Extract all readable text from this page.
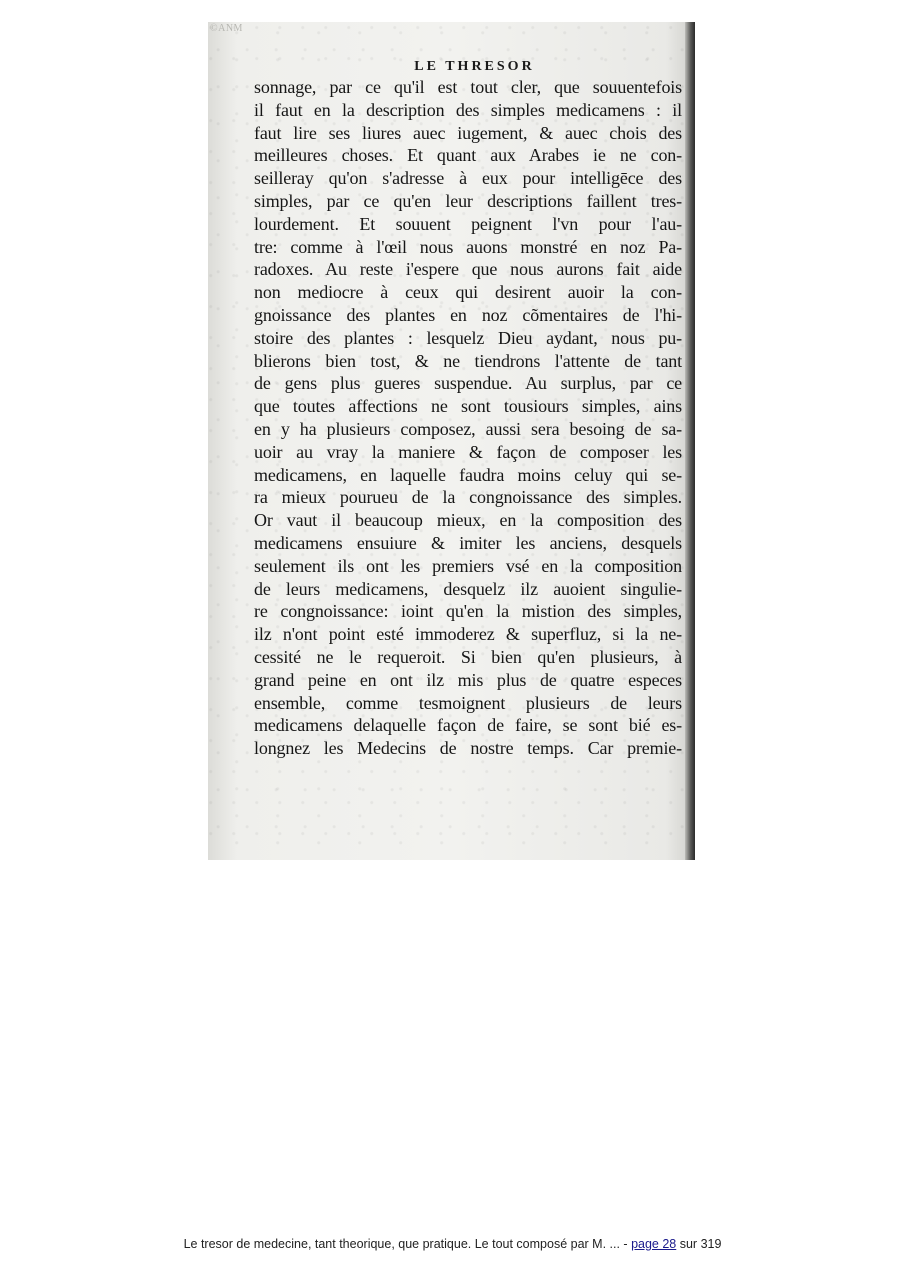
©ANM
LE THRESOR
sonnage, par ce qu'il est tout cler, que souuentefois
il faut en la description des simples medicamens : il
faut lire ses liures auec iugement, & auec chois des
meilleures choses. Et quant aux Arabes ie ne con-
seilleray qu'on s'adresse à eux pour intelligēce des
simples, par ce qu'en leur descriptions faillent tres-
lourdement. Et souuent peignent l'vn pour l'au-
tre: comme à l'œil nous auons monstré en noz Pa-
radoxes. Au reste i'espere que nous aurons fait aide
non mediocre à ceux qui desirent auoir la con-
gnoissance des plantes en noz cõmentaires de l'hi-
stoire des plantes : lesquelz Dieu aydant, nous pu-
blierons bien tost, & ne tiendrons l'attente de tant
de gens plus gueres suspendue. Au surplus, par ce
que toutes affections ne sont tousiours simples, ains
en y ha plusieurs composez, aussi sera besoing de sa-
uoir au vray la maniere & façon de composer les
medicamens, en laquelle faudra moins celuy qui se-
ra mieux pourueu de la congnoissance des simples.
Or vaut il beaucoup mieux, en la composition des
medicamens ensuiure & imiter les anciens, desquels
seulement ils ont les premiers vsé en la composition
de leurs medicamens, desquelz ilz auoient singulie-
re congnoissance: ioint qu'en la mistion des simples,
ilz n'ont point esté immoderez & superfluz, si la ne-
cessité ne le requeroit. Si bien qu'en plusieurs, à
grand peine en ont ilz mis plus de quatre especes
ensemble, comme tesmoignent plusieurs de leurs
medicamens delaquelle façon de faire, se sont bié es-
longnez les Medecins de nostre temps. Car premie-
Le tresor de medecine, tant theorique, que pratique. Le tout composé par M. ... - page 28 sur 319
